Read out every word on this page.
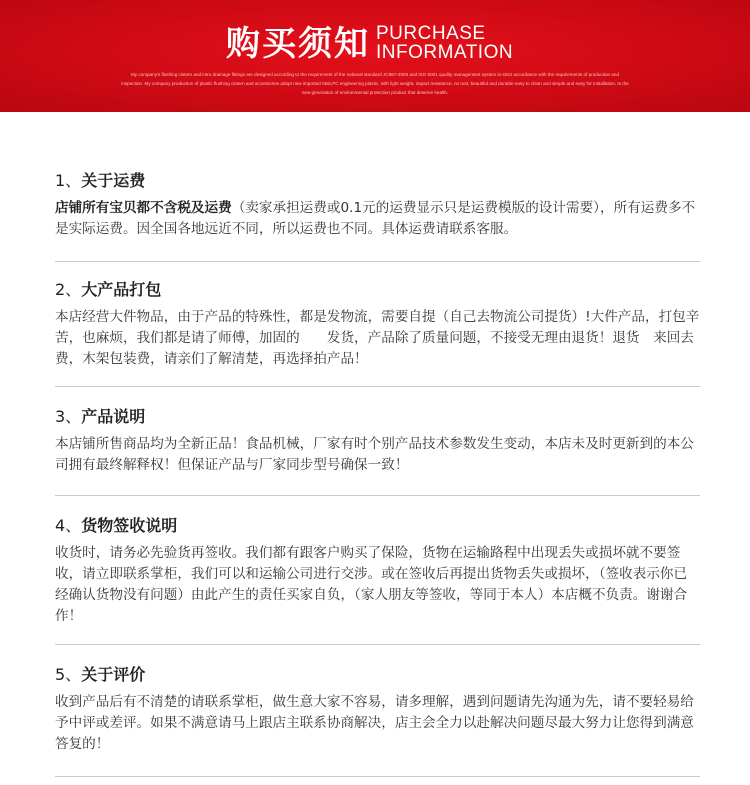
购买须知 PURCHASE
INFORMATION
My company's flushing cistern and intro drainage fittings are designed according to the requirement of the national standard JC987-2005 and ISO 9001 quality management system in strict accordance with the requirements of production and inspection. My company production of plastic flushing cistern and accessories adopt new imported ABS,PC engineering plastic, with light weight, impact resistance, no rust, beautiful and durable easy to clean and simple and easy for installation. Is the new generation of environmental protection product that deserve health.
1、关于运费
店铺所有宝贝都不含税及运费（卖家承担运费或0.1元的运费显示只是运费模版的设计需要），所有运费多不是实际运费。因全国各地远近不同，所以运费也不同。具体运费请联系客服。
2、大产品打包
本店经营大件物品，由于产品的特殊性，都是发物流，需要自提（自己去物流公司提货）!大件产品，打包辛苦，也麻烦，我们都是请了师傅，加固的　　发货，产品除了质量问题，不接受无理由退货！退货　来回去费，木架包装费，请亲们了解清楚，再选择拍产品！
3、产品说明
本店铺所售商品均为全新正品！食品机械，厂家有时个别产品技术参数发生变动，本店未及时更新到的本公司拥有最终解释权！但保证产品与厂家同步型号确保一致！
4、货物签收说明
收货时，请务必先验货再签收。我们都有跟客户购买了保险，货物在运输路程中出现丢失或损坏就不要签收，请立即联系掌柜，我们可以和运输公司进行交涉。或在签收后再提出货物丢失或损坏，（签收表示你已经确认货物没有问题）由此产生的责任买家自负，（家人朋友等签收，等同于本人）本店概不负责。谢谢合作！
5、关于评价
收到产品后有不清楚的请联系掌柜，做生意大家不容易，请多理解，遇到问题请先沟通为先，请不要轻易给予中评或差评。如果不满意请马上跟店主联系协商解决，店主会全力以赴解决问题尽最大努力让您得到满意答复的！
